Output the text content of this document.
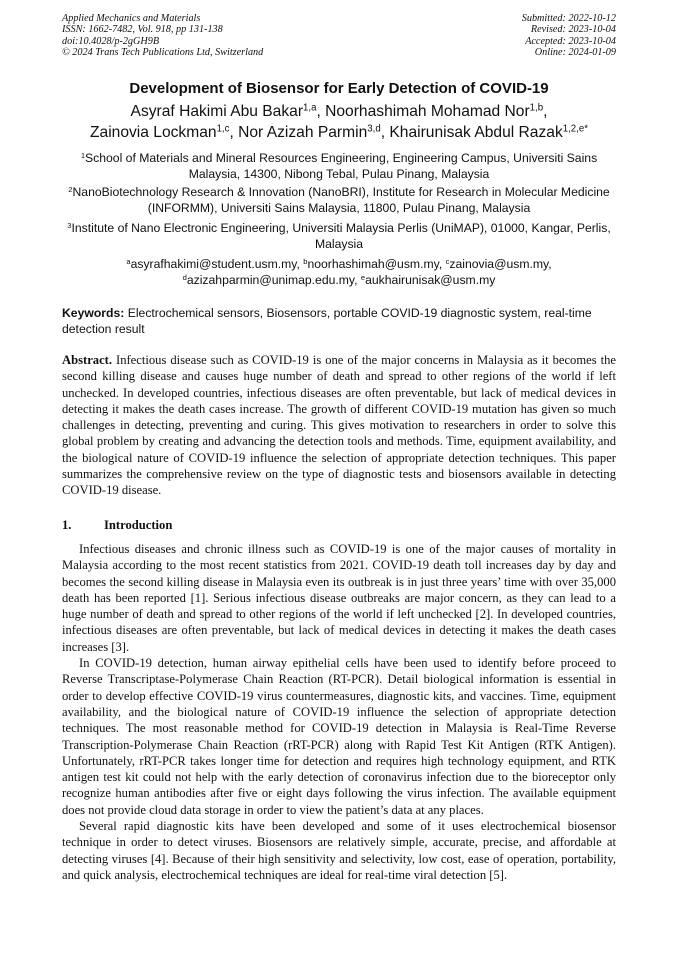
Applied Mechanics and Materials
ISSN: 1662-7482, Vol. 918, pp 131-138
doi:10.4028/p-2gGH9B
© 2024 Trans Tech Publications Ltd, Switzerland
Submitted: 2022-10-12
Revised: 2023-10-04
Accepted: 2023-10-04
Online: 2024-01-09
Development of Biosensor for Early Detection of COVID-19
Asyraf Hakimi Abu Bakar$^{1,a}$, Noorhashimah Mohamad Nor$^{1,b}$,
Zainovia Lockman$^{1,c}$, Nor Azizah Parmin$^{3,d}$, Khairunisak Abdul Razak$^{1,2,e*}$
$^1$School of Materials and Mineral Resources Engineering, Engineering Campus, Universiti Sains Malaysia, 14300, Nibong Tebal, Pulau Pinang, Malaysia
$^2$NanoBiotechnology Research & Innovation (NanoBRI), Institute for Research in Molecular Medicine (INFORMM), Universiti Sains Malaysia, 11800, Pulau Pinang, Malaysia
$^3$Institute of Nano Electronic Engineering, Universiti Malaysia Perlis (UniMAP), 01000, Kangar, Perlis, Malaysia
$^a$asyrafhakimi@student.usm.my, $^b$noorhashimah@usm.my, $^c$zainovia@usm.my,
$^d$azizahparmin@unimap.edu.my, $^e$aukhairunisak@usm.my
Keywords: Electrochemical sensors, Biosensors, portable COVID-19 diagnostic system, real-time detection result
Abstract. Infectious disease such as COVID-19 is one of the major concerns in Malaysia as it becomes the second killing disease and causes huge number of death and spread to other regions of the world if left unchecked. In developed countries, infectious diseases are often preventable, but lack of medical devices in detecting it makes the death cases increase. The growth of different COVID-19 mutation has given so much challenges in detecting, preventing and curing. This gives motivation to researchers in order to solve this global problem by creating and advancing the detection tools and methods. Time, equipment availability, and the biological nature of COVID-19 influence the selection of appropriate detection techniques. This paper summarizes the comprehensive review on the type of diagnostic tests and biosensors available in detecting COVID-19 disease.
1.	Introduction

Infectious diseases and chronic illness such as COVID-19 is one of the major causes of mortality in Malaysia according to the most recent statistics from 2021. COVID-19 death toll increases day by day and becomes the second killing disease in Malaysia even its outbreak is in just three years’ time with over 35,000 death has been reported [1]. Serious infectious disease outbreaks are major concern, as they can lead to a huge number of death and spread to other regions of the world if left unchecked [2]. In developed countries, infectious diseases are often preventable, but lack of medical devices in detecting it makes the death cases increases [3].

In COVID-19 detection, human airway epithelial cells have been used to identify before proceed to Reverse Transcriptase-Polymerase Chain Reaction (RT-PCR). Detail biological information is essential in order to develop effective COVID-19 virus countermeasures, diagnostic kits, and vaccines. Time, equipment availability, and the biological nature of COVID-19 influence the selection of appropriate detection techniques. The most reasonable method for COVID-19 detection in Malaysia is Real-Time Reverse Transcription-Polymerase Chain Reaction (rRT-PCR) along with Rapid Test Kit Antigen (RTK Antigen). Unfortunately, rRT-PCR takes longer time for detection and requires high technology equipment, and RTK antigen test kit could not help with the early detection of coronavirus infection due to the bioreceptor only recognize human antibodies after five or eight days following the virus infection. The available equipment does not provide cloud data storage in order to view the patient’s data at any places.

Several rapid diagnostic kits have been developed and some of it uses electrochemical biosensor technique in order to detect viruses. Biosensors are relatively simple, accurate, precise, and affordable at detecting viruses [4]. Because of their high sensitivity and selectivity, low cost, ease of operation, portability, and quick analysis, electrochemical techniques are ideal for real-time viral detection [5].
